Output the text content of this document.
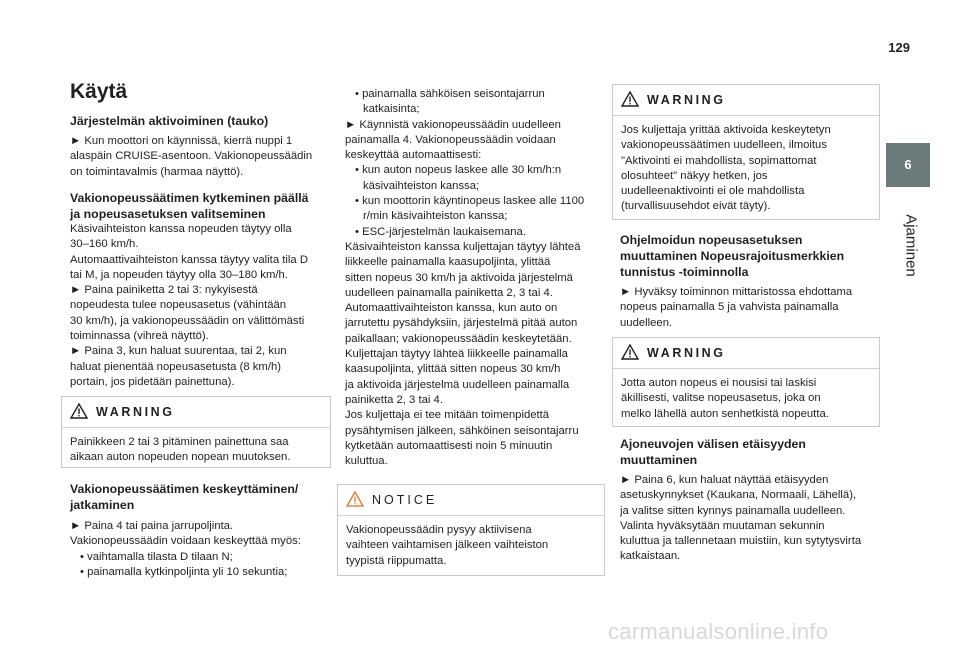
129
6
Ajaminen
Käytä
Järjestelmän aktivoiminen (tauko)
► Kun moottori on käynnissä, kierrä nuppi 1
alaspäin CRUISE-asentoon. Vakionopeussäädin
on toimintavalmis (harmaa näyttö).
Vakionopeussäätimen kytkeminen päällä
ja nopeusasetuksen valitseminen
Käsivaihteiston kanssa nopeuden täytyy olla
30–160 km/h.
Automaattivaihteiston kanssa täytyy valita tila D
tai M, ja nopeuden täytyy olla 30–180 km/h.
► Paina painiketta 2 tai 3: nykyisestä
nopeudesta tulee nopeusasetus (vähintään
30 km/h), ja vakionopeussäädin on välittömästi
toiminnassa (vihreä näyttö).
► Paina 3, kun haluat suurentaa, tai 2, kun
haluat pienentää nopeusasetusta (8 km/h)
portain, jos pidetään painettuna).
WARNING
Painikkeen 2 tai 3 pitäminen painettuna saa
aikaan auton nopeuden nopean muutoksen.
Vakionopeussäätimen keskeyttäminen/
jatkaminen
► Paina 4 tai paina jarrupoljinta.
Vakionopeussäädin voidaan keskeyttää myös:
• vaihtamalla tilasta D tilaan N;
• painamalla kytkinpoljinta yli 10 sekuntia;
• painamalla sähköisen seisontajarrun
katkaisinta;
► Käynnistä vakionopeussäädin uudelleen
painamalla 4. Vakionopeussäädin voidaan
keskeyttää automaattisesti:
• kun auton nopeus laskee alle 30 km/h:n
käsivaihteiston kanssa;
• kun moottorin käyntinopeus laskee alle 1100
r/min käsivaihteiston kanssa;
• ESC-järjestelmän laukaisemana.
Käsivaihteiston kanssa kuljettajan täytyy lähteä
liikkeelle painamalla kaasupoljinta, ylittää
sitten nopeus 30 km/h ja aktivoida järjestelmä
uudelleen painamalla painiketta 2, 3 tai 4.
Automaattivaihteiston kanssa, kun auto on
jarrutettu pysähdyksiin, järjestelmä pitää auton
paikallaan; vakionopeussäädin keskeytetään.
Kuljettajan täytyy lähteä liikkeelle painamalla
kaasupoljinta, ylittää sitten nopeus 30 km/h
ja aktivoida järjestelmä uudelleen painamalla
painiketta 2, 3 tai 4.
Jos kuljettaja ei tee mitään toimenpidettä
pysähtymisen jälkeen, sähköinen seisontajarru
kytketään automaattisesti noin 5 minuutin
kuluttua.
NOTICE
Vakionopeussäädin pysyy aktiivisena
vaihteen vaihtamisen jälkeen vaihteiston
tyypistä riippumatta.
WARNING
Jos kuljettaja yrittää aktivoida keskeytetyn
vakionopeussäätimen uudelleen, ilmoitus
"Aktivointi ei mahdollista, sopimattomat
olosuhteet" näkyy hetken, jos
uudelleenaktivointi ei ole mahdollista
(turvallisuusehdot eivät täyty).
Ohjelmoidun nopeusasetuksen
muuttaminen Nopeusrajoitusmerkkien
tunnistus -toiminnolla
► Hyväksy toiminnon mittaristossa ehdottama
nopeus painamalla 5 ja vahvista painamalla
uudelleen.
WARNING
Jotta auton nopeus ei nousisi tai laskisi
äkillisesti, valitse nopeusasetus, joka on
melko lähellä auton senhetkistä nopeutta.
Ajoneuvojen välisen etäisyyden
muuttaminen
► Paina 6, kun haluat näyttää etäisyyden
asetuskynnykset (Kaukana, Normaali, Lähellä),
ja valitse sitten kynnys painamalla uudelleen.
Valinta hyväksytään muutaman sekunnin
kuluttua ja tallennetaan muistiin, kun sytytysvirta
katkaistaan.
carmanualsonline.info
